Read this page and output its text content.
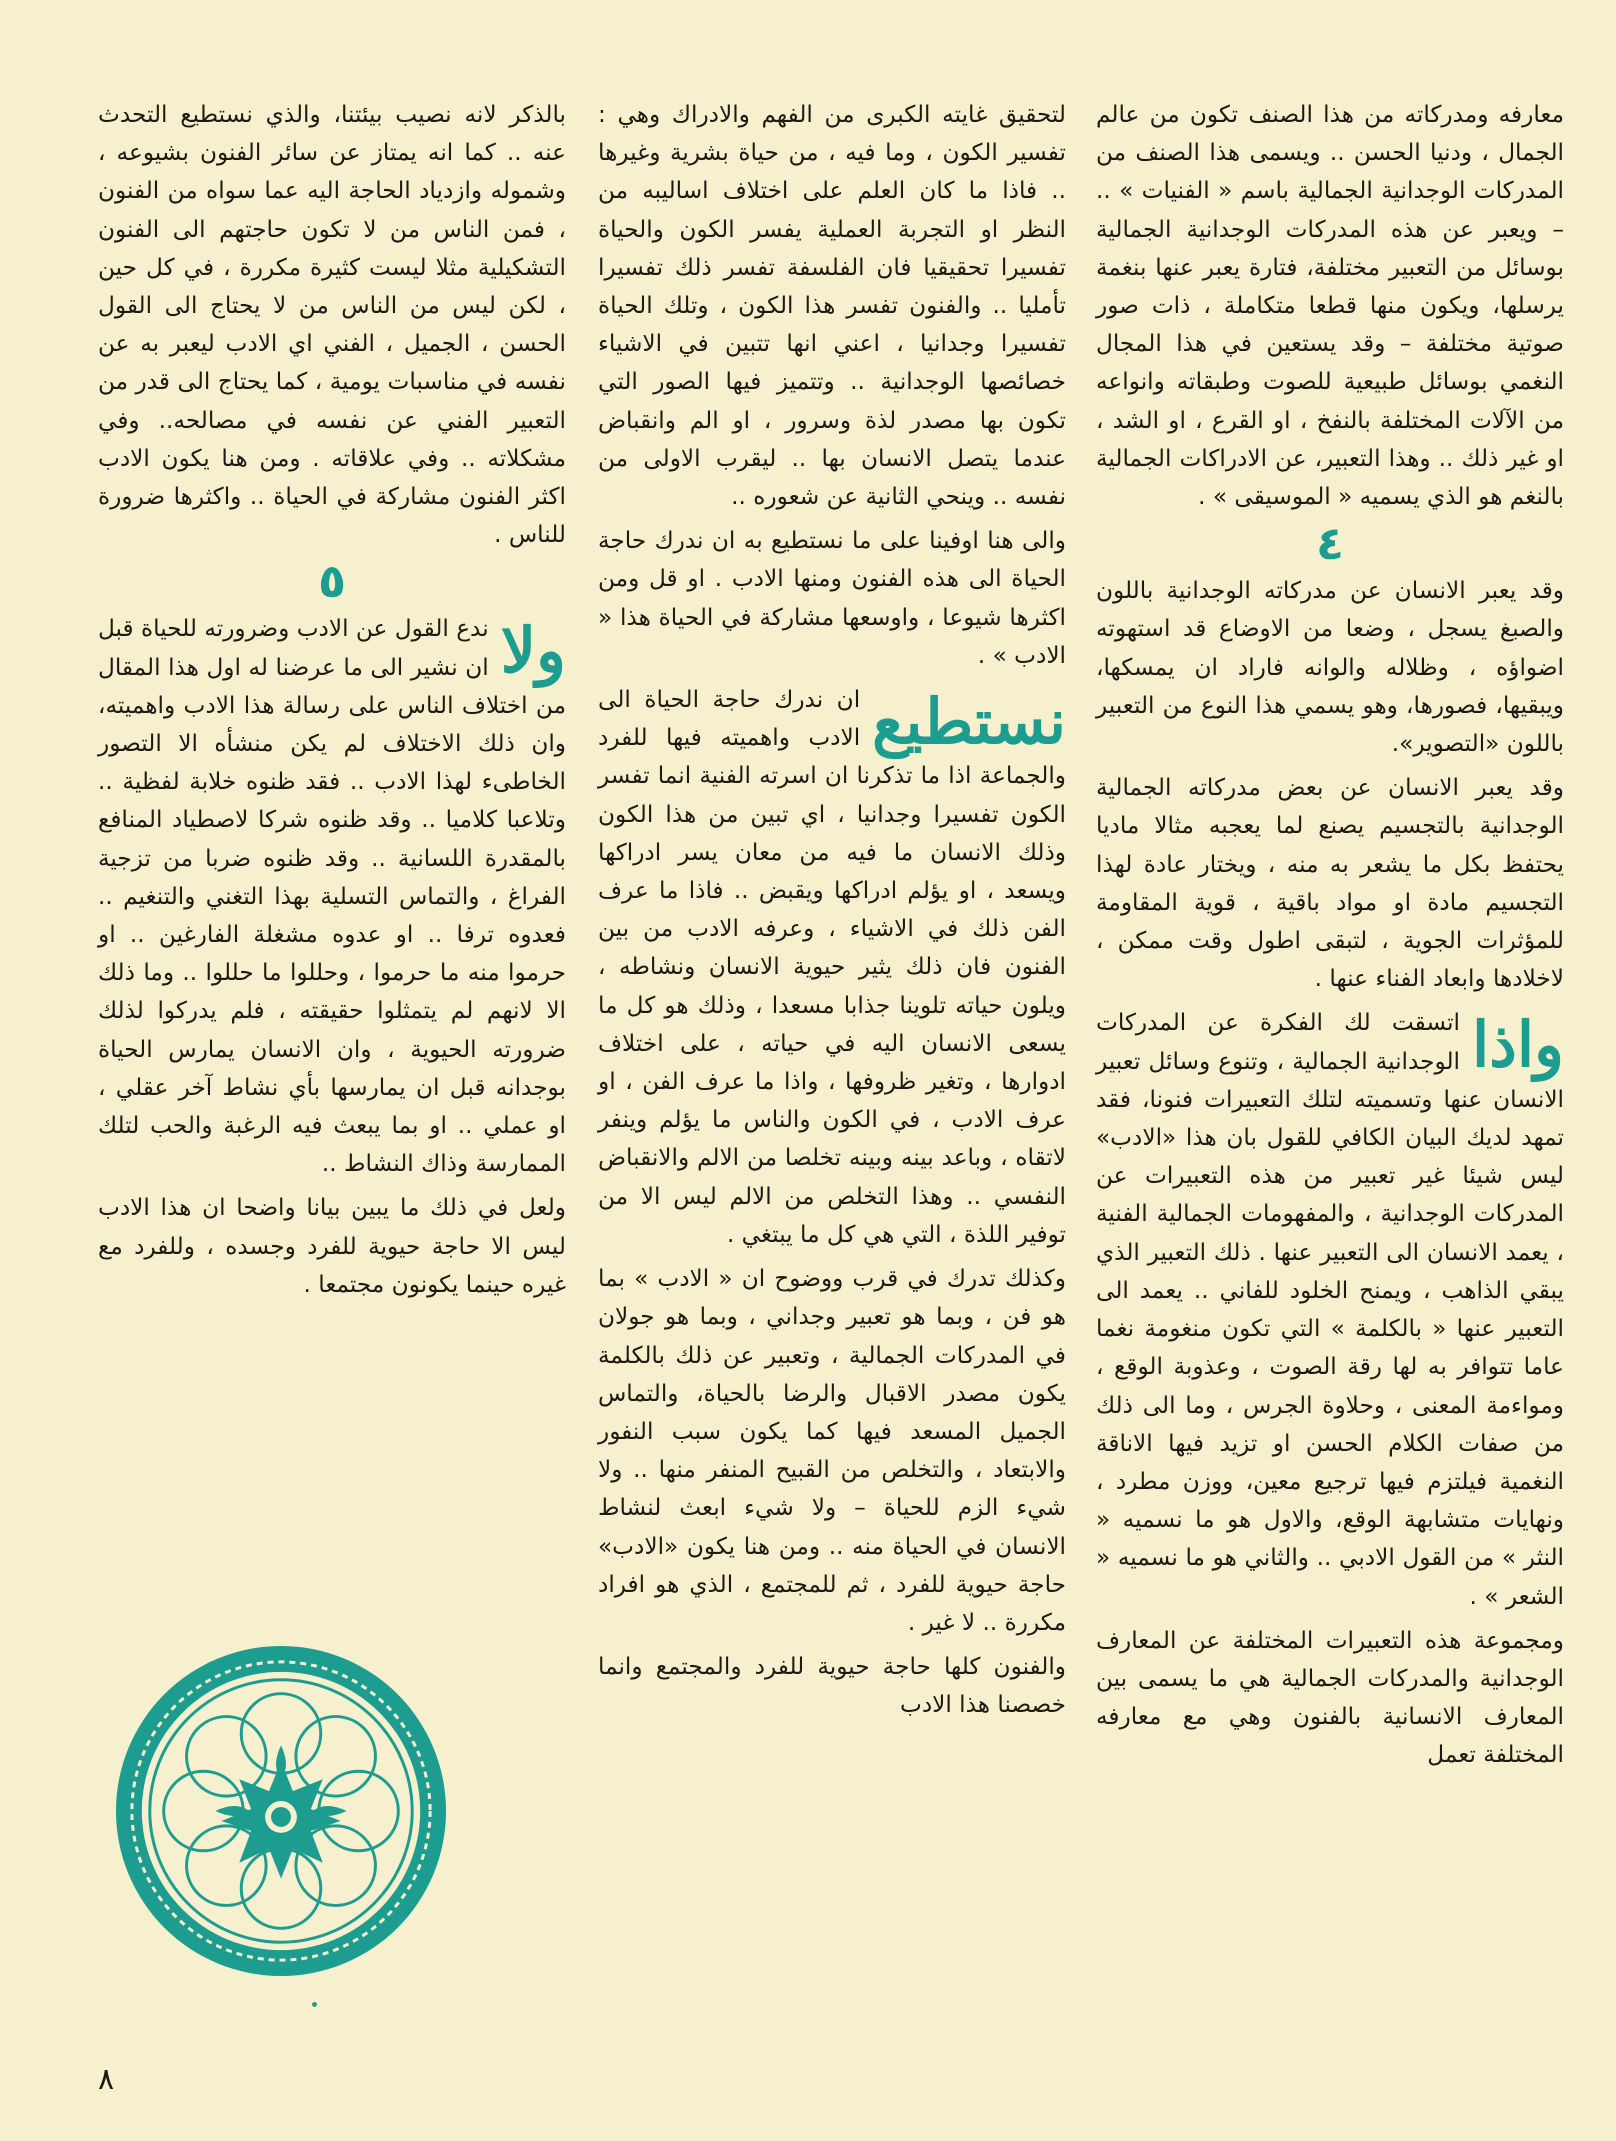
معارفه ومدركاته من هذا الصنف تكون من عالم الجمال ، ودنيا الحسن .. ويسمى هذا الصنف من المدركات الوجدانية الجمالية باسم « الفنيات » .. – ويعبر عن هذه المدركات الوجدانية الجمالية بوسائل من التعبير مختلفة، فتارة يعبر عنها بنغمة يرسلها، ويكون منها قطعا متكاملة ، ذات صور صوتية مختلفة – وقد يستعين في هذا المجال النغمي بوسائل طبيعية للصوت وطبقاته وانواعه من الآلات المختلفة بالنفخ ، او القرع ، او الشد ، او غير ذلك .. وهذا التعبير، عن الادراكات الجمالية بالنغم هو الذي يسميه « الموسيقى » .

٤

وقد يعبر الانسان عن مدركاته الوجدانية باللون والصبغ يسجل ، وضعا من الاوضاع قد استهوته اضواؤه ، وظلاله والوانه فاراد ان يمسكها، ويبقيها، فصورها، وهو يسمي هذا النوع من التعبير باللون «التصوير».

وقد يعبر الانسان عن بعض مدركاته الجمالية الوجدانية بالتجسيم يصنع لما يعجبه مثالا ماديا يحتفظ بكل ما يشعر به منه ، ويختار عادة لهذا التجسيم مادة او مواد باقية ، قوية المقاومة للمؤثرات الجوية ، لتبقى اطول وقت ممكن ، لاخلادها وابعاد الفناء عنها .

واذا
اتسقت لك الفكرة عن المدركات الوجدانية الجمالية ، وتنوع وسائل تعبير الانسان عنها وتسميته لتلك التعبيرات فنونا، فقد تمهد لديك البيان الكافي للقول بان هذا «الادب» ليس شيئا غير تعبير من هذه التعبيرات عن المدركات الوجدانية ، والمفهومات الجمالية الفنية ، يعمد الانسان الى التعبير عنها . ذلك التعبير الذي يبقي الذاهب ، ويمنح الخلود للفاني .. يعمد الى التعبير عنها « بالكلمة » التي تكون منغومة نغما عاما تتوافر به لها رقة الصوت ، وعذوبة الوقع ، ومواءمة المعنى ، وحلاوة الجرس ، وما الى ذلك من صفات الكلام الحسن او تزيد فيها الاناقة النغمية فيلتزم فيها ترجيع معين، ووزن مطرد ، ونهايات متشابهة الوقع، والاول هو ما نسميه « النثر » من القول الادبي .. والثاني هو ما نسميه « الشعر » .

ومجموعة هذه التعبيرات المختلفة عن المعارف الوجدانية والمدركات الجمالية هي ما يسمى بين المعارف الانسانية بالفنون وهي مع معارفه المختلفة تعمل

لتحقيق غايته الكبرى من الفهم والادراك وهي : تفسير الكون ، وما فيه ، من حياة بشرية وغيرها .. فاذا ما كان العلم على اختلاف اساليبه من النظر او التجربة العملية يفسر الكون والحياة تفسيرا تحقيقيا فان الفلسفة تفسر ذلك تفسيرا تأمليا .. والفنون تفسر هذا الكون ، وتلك الحياة تفسيرا وجدانيا ، اعني انها تتبين في الاشياء خصائصها الوجدانية .. وتتميز فيها الصور التي تكون بها مصدر لذة وسرور ، او الم وانقباض عندما يتصل الانسان بها .. ليقرب الاولى من نفسه .. وينحي الثانية عن شعوره ..

والى هنا اوفينا على ما نستطيع به ان ندرك حاجة الحياة الى هذه الفنون ومنها الادب . او قل ومن اكثرها شيوعا ، واوسعها مشاركة في الحياة هذا « الادب » .

نستطيع
ان ندرك حاجة الحياة الى الادب واهميته فيها للفرد والجماعة اذا ما تذكرنا ان اسرته الفنية انما تفسر الكون تفسيرا وجدانيا ، اي تبين من هذا الكون وذلك الانسان ما فيه من معان يسر ادراكها ويسعد ، او يؤلم ادراكها ويقبض .. فاذا ما عرف الفن ذلك في الاشياء ، وعرفه الادب من بين الفنون فان ذلك يثير حيوية الانسان ونشاطه ، ويلون حياته تلوينا جذابا مسعدا ، وذلك هو كل ما يسعى الانسان اليه في حياته ، على اختلاف ادوارها ، وتغير ظروفها ، واذا ما عرف الفن ، او عرف الادب ، في الكون والناس ما يؤلم وينفر لاتقاه ، وباعد بينه وبينه تخلصا من الالم والانقباض النفسي .. وهذا التخلص من الالم ليس الا من توفير اللذة ، التي هي كل ما يبتغي .

وكذلك تدرك في قرب ووضوح ان « الادب » بما هو فن ، وبما هو تعبير وجداني ، وبما هو جولان في المدركات الجمالية ، وتعبير عن ذلك بالكلمة يكون مصدر الاقبال والرضا بالحياة، والتماس الجميل المسعد فيها كما يكون سبب النفور والابتعاد ، والتخلص من القبيح المنفر منها .. ولا شيء الزم للحياة – ولا شيء ابعث لنشاط الانسان في الحياة منه .. ومن هنا يكون «الادب» حاجة حيوية للفرد ، ثم للمجتمع ، الذي هو افراد مكررة .. لا غير .

والفنون كلها حاجة حيوية للفرد والمجتمع وانما خصصنا هذا الادب

بالذكر لانه نصيب بيئتنا، والذي نستطيع التحدث عنه .. كما انه يمتاز عن سائر الفنون بشيوعه ، وشموله وازدياد الحاجة اليه عما سواه من الفنون ، فمن الناس من لا تكون حاجتهم الى الفنون التشكيلية مثلا ليست كثيرة مكررة ، في كل حين ، لكن ليس من الناس من لا يحتاج الى القول الحسن ، الجميل ، الفني اي الادب ليعبر به عن نفسه في مناسبات يومية ، كما يحتاج الى قدر من التعبير الفني عن نفسه في مصالحه.. وفي مشكلاته .. وفي علاقاته . ومن هنا يكون الادب اكثر الفنون مشاركة في الحياة .. واكثرها ضرورة للناس .

٥

ولا
ندع القول عن الادب وضرورته للحياة قبل ان نشير الى ما عرضنا له اول هذا المقال من اختلاف الناس على رسالة هذا الادب واهميته، وان ذلك الاختلاف لم يكن منشأه الا التصور الخاطىء لهذا الادب .. فقد ظنوه خلابة لفظية .. وتلاعبا كلاميا .. وقد ظنوه شركا لاصطياد المنافع بالمقدرة اللسانية .. وقد ظنوه ضربا من تزجية الفراغ ، والتماس التسلية بهذا التغني والتنغيم .. فعدوه ترفا .. او عدوه مشغلة الفارغين .. او حرموا منه ما حرموا ، وحللوا ما حللوا .. وما ذلك الا لانهم لم يتمثلوا حقيقته ، فلم يدركوا لذلك ضرورته الحيوية ، وان الانسان يمارس الحياة بوجدانه قبل ان يمارسها بأي نشاط آخر عقلي ، او عملي .. او بما يبعث فيه الرغبة والحب لتلك الممارسة وذاك النشاط ..

ولعل في ذلك ما يبين بيانا واضحا ان هذا الادب ليس الا حاجة حيوية للفرد وجسده ، وللفرد مع غيره حينما يكونون مجتمعا .

٨
